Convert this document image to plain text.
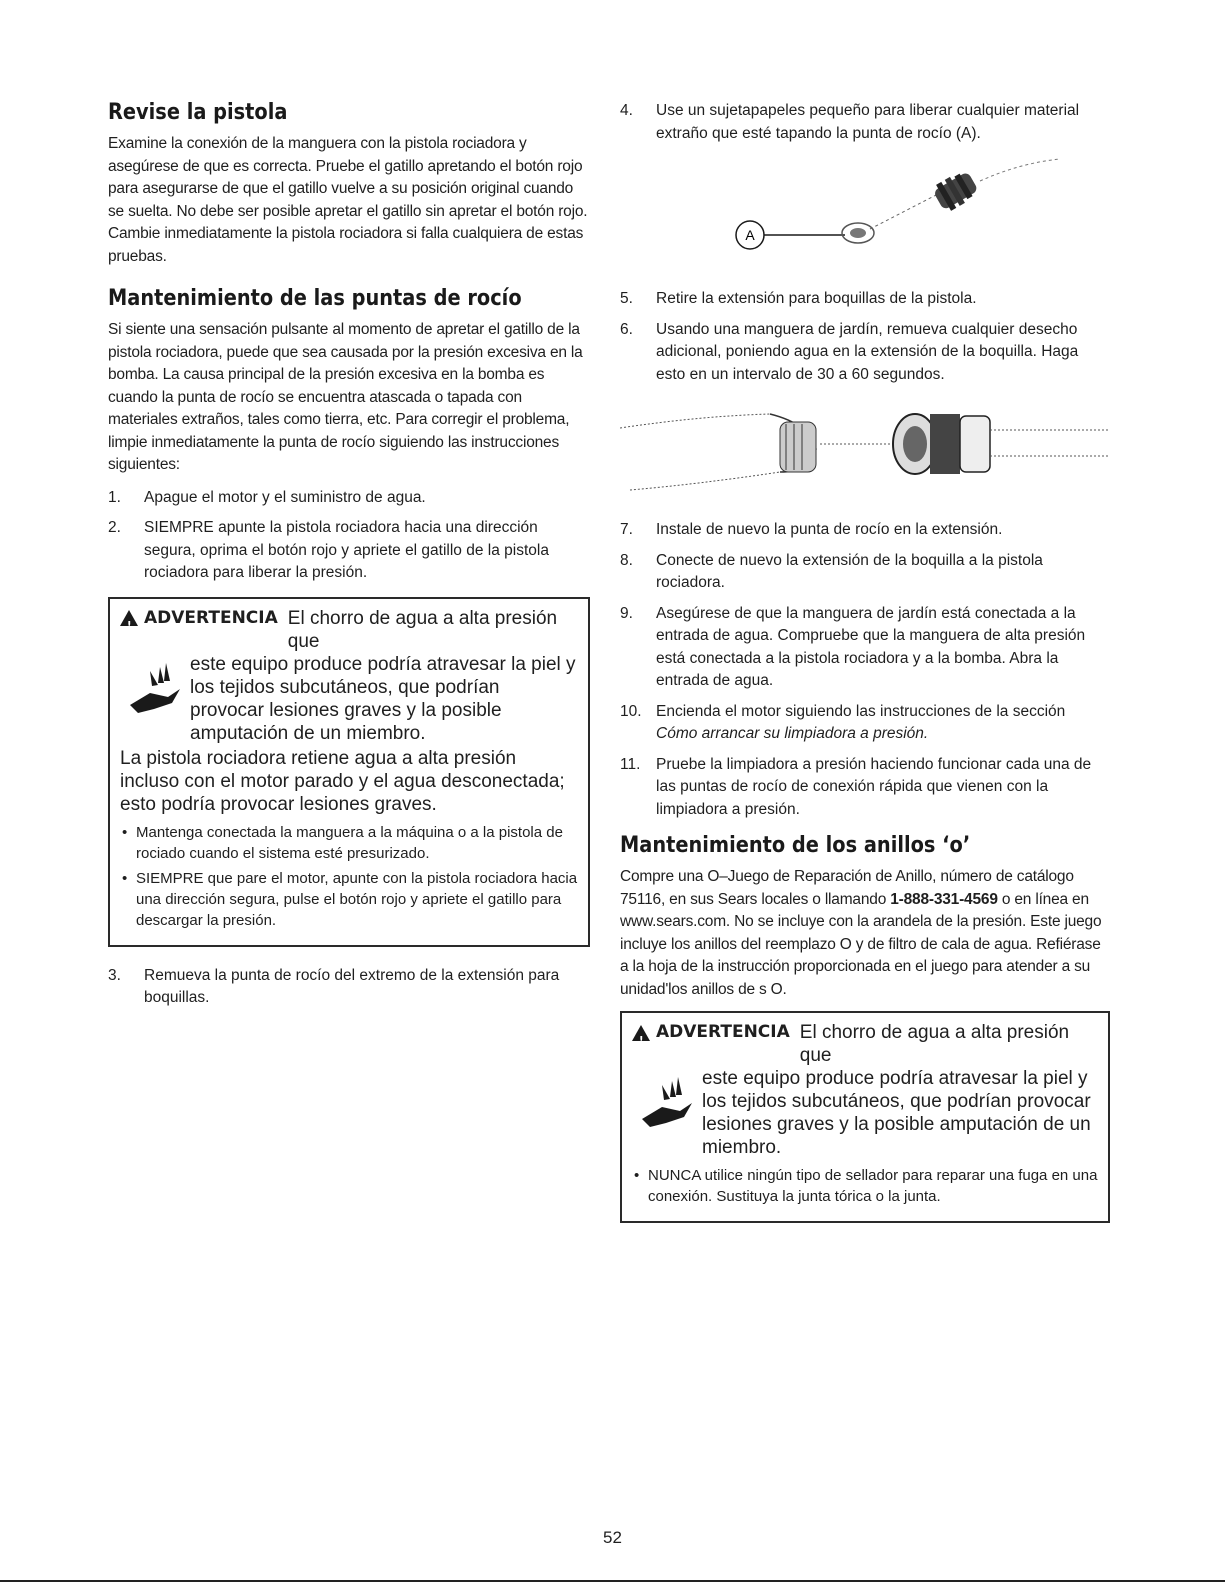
Revise la pistola

Examine la conexión de la manguera con la pistola rociadora y asegúrese de que es correcta. Pruebe el gatillo apretando el botón rojo para asegurarse de que el gatillo vuelve a su posición original cuando se suelta. No debe ser posible apretar el gatillo sin apretar el botón rojo. Cambie inmediatamente la pistola rociadora si falla cualquiera de estas pruebas.

Mantenimiento de las puntas de rocío

Si siente una sensación pulsante al momento de apretar el gatillo de la pistola rociadora, puede que sea causada por la presión excesiva en la bomba. La causa principal de la presión excesiva en la bomba es cuando la punta de rocío se encuentra atascada o tapada con materiales extraños, tales como tierra, etc. Para corregir el problema, limpie inmediatamente la punta de rocío siguiendo las instrucciones siguientes:

1.	Apague el motor y el suministro de agua.
2.	SIEMPRE apunte la pistola rociadora hacia una dirección segura, oprima el botón rojo y apriete el gatillo de la pistola rociadora para liberar la presión.
!
ADVERTENCIA El chorro de agua a alta presión que
este equipo produce podría atravesar la piel y los tejidos subcutáneos, que podrían provocar lesiones graves y la posible amputación de un miembro.

La pistola rociadora retiene agua a alta presión incluso con el motor parado y el agua desconectada; esto podría provocar lesiones graves.

• Mantenga conectada la manguera a la máquina o a la pistola de rociado cuando el sistema esté presurizado.
• SIEMPRE que pare el motor, apunte con la pistola rociadora hacia una dirección segura, pulse el botón rojo y apriete el gatillo para descargar la presión.
3.	Remueva la punta de rocío del extremo de la extensión para boquillas.
4.	Use un sujetapapeles pequeño para liberar cualquier material extraño que esté tapando la punta de rocío (A).
A
5.	Retire la extensión para boquillas de la pistola.
6.	Usando una manguera de jardín, remueva cualquier desecho adicional, poniendo agua en la extensión de la boquilla. Haga esto en un intervalo de 30 a 60 segundos.
7.	Instale de nuevo la punta de rocío en la extensión.
8.	Conecte de nuevo la extensión de la boquilla a la pistola rociadora.
9.	Asegúrese de que la manguera de jardín está conectada a la entrada de agua. Compruebe que la manguera de alta presión está conectada a la pistola rociadora y a la bomba. Abra la entrada de agua.
10. Encienda el motor siguiendo las instrucciones de la sección
Cómo arrancar su limpiadora a presión.
11.	Pruebe la limpiadora a presión haciendo funcionar cada una de las puntas de rocío de conexión rápida que vienen con la limpiadora a presión.
Mantenimiento de los anillos ‘o’

Compre una O–Juego de Reparación de Anillo, número de catálogo 75116, en sus Sears locales o llamando 1-888-331-4569 o en línea en www.sears.com. No se incluye con la arandela de la presión. Este juego incluye los anillos del reemplazo O y de filtro de cala de agua. Refiérase a la hoja de la instrucción proporcionada en el juego para atender a su unidad'los anillos de s O.

!
ADVERTENCIA El chorro de agua a alta presión que
este equipo produce podría atravesar la piel y los tejidos subcutáneos, que podrían provocar lesiones graves y la posible amputación de un miembro.
• NUNCA utilice ningún tipo de sellador para reparar una fuga en una conexión. Sustituya la junta tórica o la junta.
52
